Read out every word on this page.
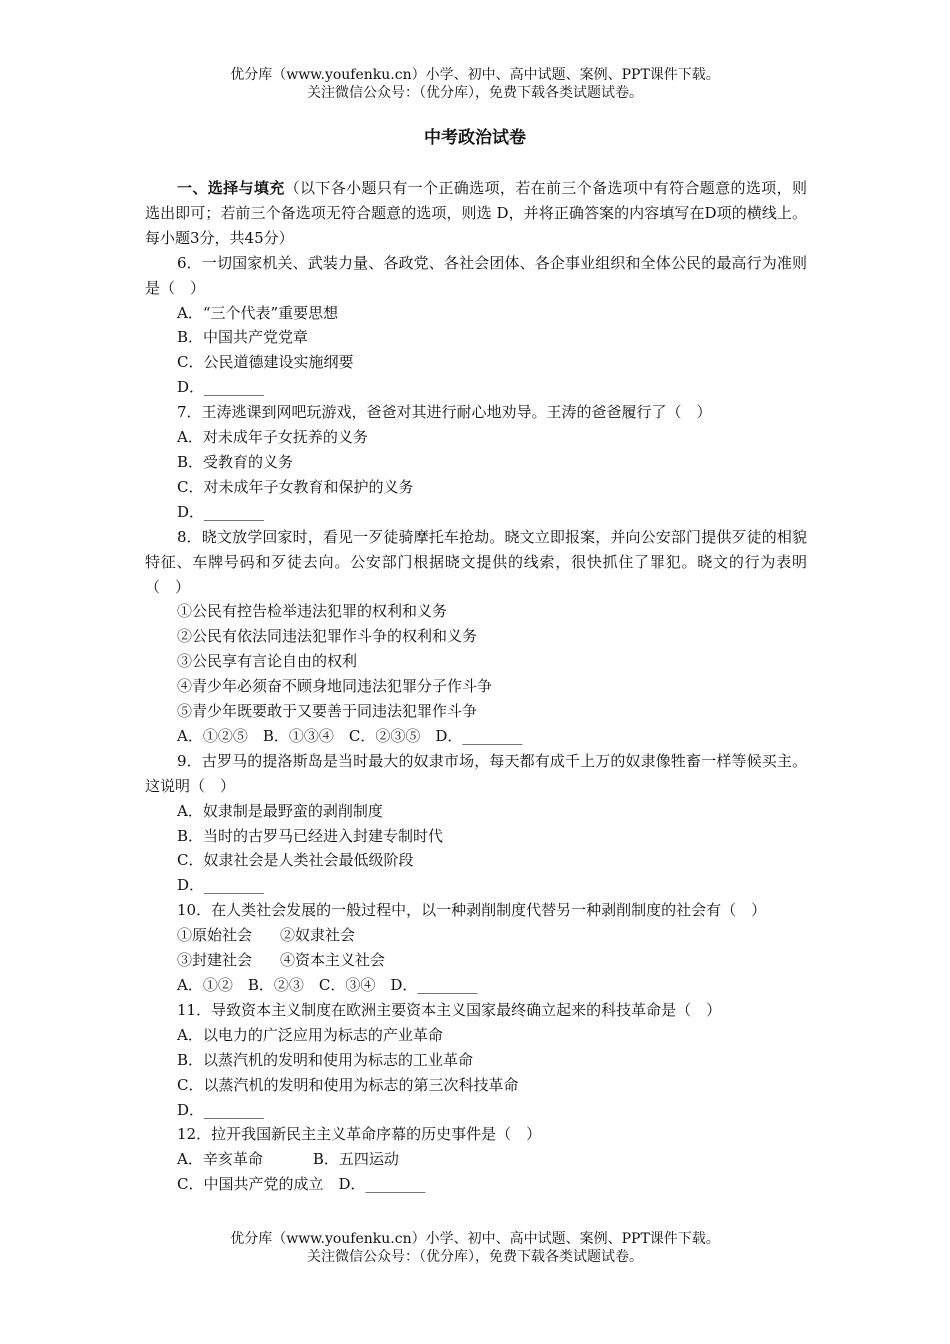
优分库（www.youfenku.cn）小学、初中、高中试题、案例、PPT课件下载。
关注微信公众号：（优分库），免费下载各类试题试卷。
中考政治试卷

一、选择与填充（以下各小题只有一个正确选项，若在前三个备选项中有符合题意的选项，则选出即可；若前三个备选项无符合题意的选项，则选 D，并将正确答案的内容填写在D项的横线上。每小题3分，共45分）

6．一切国家机关、武装力量、各政党、各社会团体、各企事业组织和全体公民的最高行为准则是（　）

A．“三个代表”重要思想

B．中国共产党党章

C．公民道德建设实施纲要

D．________

7．王涛逃课到网吧玩游戏，爸爸对其进行耐心地劝导。王涛的爸爸履行了（　）

A．对未成年子女抚养的义务

B．受教育的义务

C．对未成年子女教育和保护的义务

D．________

8．晓文放学回家时，看见一歹徒骑摩托车抢劫。晓文立即报案，并向公安部门提供歹徒的相貌特征、车牌号码和歹徒去向。公安部门根据晓文提供的线索，很快抓住了罪犯。晓文的行为表明（　）

①公民有控告检举违法犯罪的权利和义务

②公民有依法同违法犯罪作斗争的权利和义务

③公民享有言论自由的权利

④青少年必须奋不顾身地同违法犯罪分子作斗争

⑤青少年既要敢于又要善于同违法犯罪作斗争

A．①②⑤　B．①③④　C．②③⑤　D．________

9．古罗马的提洛斯岛是当时最大的奴隶市场，每天都有成千上万的奴隶像牲畜一样等候买主。这说明（　）

A．奴隶制是最野蛮的剥削制度

B．当时的古罗马已经进入封建专制时代

C．奴隶社会是人类社会最低级阶段

D．________

10．在人类社会发展的一般过程中，以一种剥削制度代替另一种剥削制度的社会有（　）

①原始社会 ②奴隶社会

③封建社会 ④资本主义社会

A．①②　B．②③　C．③④　D．________

11．导致资本主义制度在欧洲主要资本主义国家最终确立起来的科技革命是（　）

A．以电力的广泛应用为标志的产业革命

B．以蒸汽机的发明和使用为标志的工业革命

C．以蒸汽机的发明和使用为标志的第三次科技革命

D．________

12．拉开我国新民主主义革命序幕的历史事件是（　）

A．辛亥革命	B．五四运动

C．中国共产党的成立　 D．________

优分库（www.youfenku.cn）小学、初中、高中试题、案例、PPT课件下载。
关注微信公众号：（优分库），免费下载各类试题试卷。
